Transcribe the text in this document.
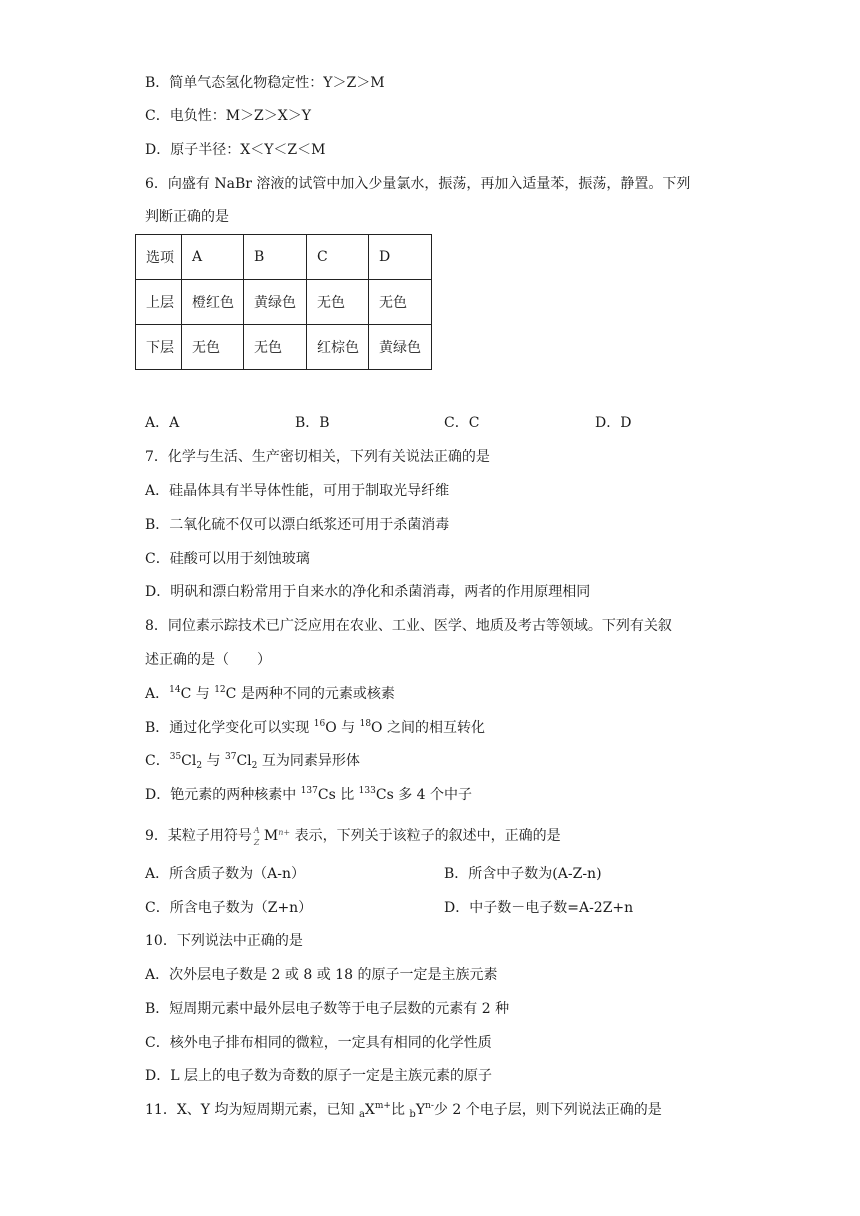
B．简单气态氢化物稳定性：Y＞Z＞M
C．电负性：M＞Z＞X＞Y
D．原子半径：X＜Y＜Z＜M
6．向盛有 NaBr 溶液的试管中加入少量氯水，振荡，再加入适量苯，振荡，静置。下列
判断正确的是
选项	A	B	C	D
上层	橙红色	黄绿色	无色	无色
下层	无色	无色	红棕色	黄绿色
A．A	B．B	C．C	D．D
7．化学与生活、生产密切相关，下列有关说法正确的是
A．硅晶体具有半导体性能，可用于制取光导纤维
B．二氧化硫不仅可以漂白纸浆还可用于杀菌消毒
C．硅酸可以用于刻蚀玻璃
D．明矾和漂白粉常用于自来水的净化和杀菌消毒，两者的作用原理相同
8．同位素示踪技术已广泛应用在农业、工业、医学、地质及考古等领域。下列有关叙
述正确的是（　　）
A．$^{14}$C 与 $^{12}$C 是两种不同的元素或核素
B．通过化学变化可以实现 $^{16}$O 与 $^{18}$O 之间的相互转化
C．$^{35}Cl_2$ 与 $^{37}Cl_2$ 互为同素异形体
D．铯元素的两种核素中 $^{137}$Cs 比 $^{133}$Cs 多 4 个中子
9．某粒子用符号 A
Z $M^{n+}$ 表示，下列关于该粒子的叙述中，正确的是
A．所含质子数为（A-n）	B．所含中子数为(A-Z-n)
C．所含电子数为（Z+n）	D．中子数－电子数=A-2Z+n
10．下列说法中正确的是
A．次外层电子数是 2 或 8 或 18 的原子一定是主族元素
B．短周期元素中最外层电子数等于电子层数的元素有 2 种
C．核外电子排布相同的微粒，一定具有相同的化学性质
D．L 层上的电子数为奇数的原子一定是主族元素的原子
11．X、Y 均为短周期元素，已知 $_aX^{m+}$比 $_bY^{n-}$少 2 个电子层，则下列说法正确的是
